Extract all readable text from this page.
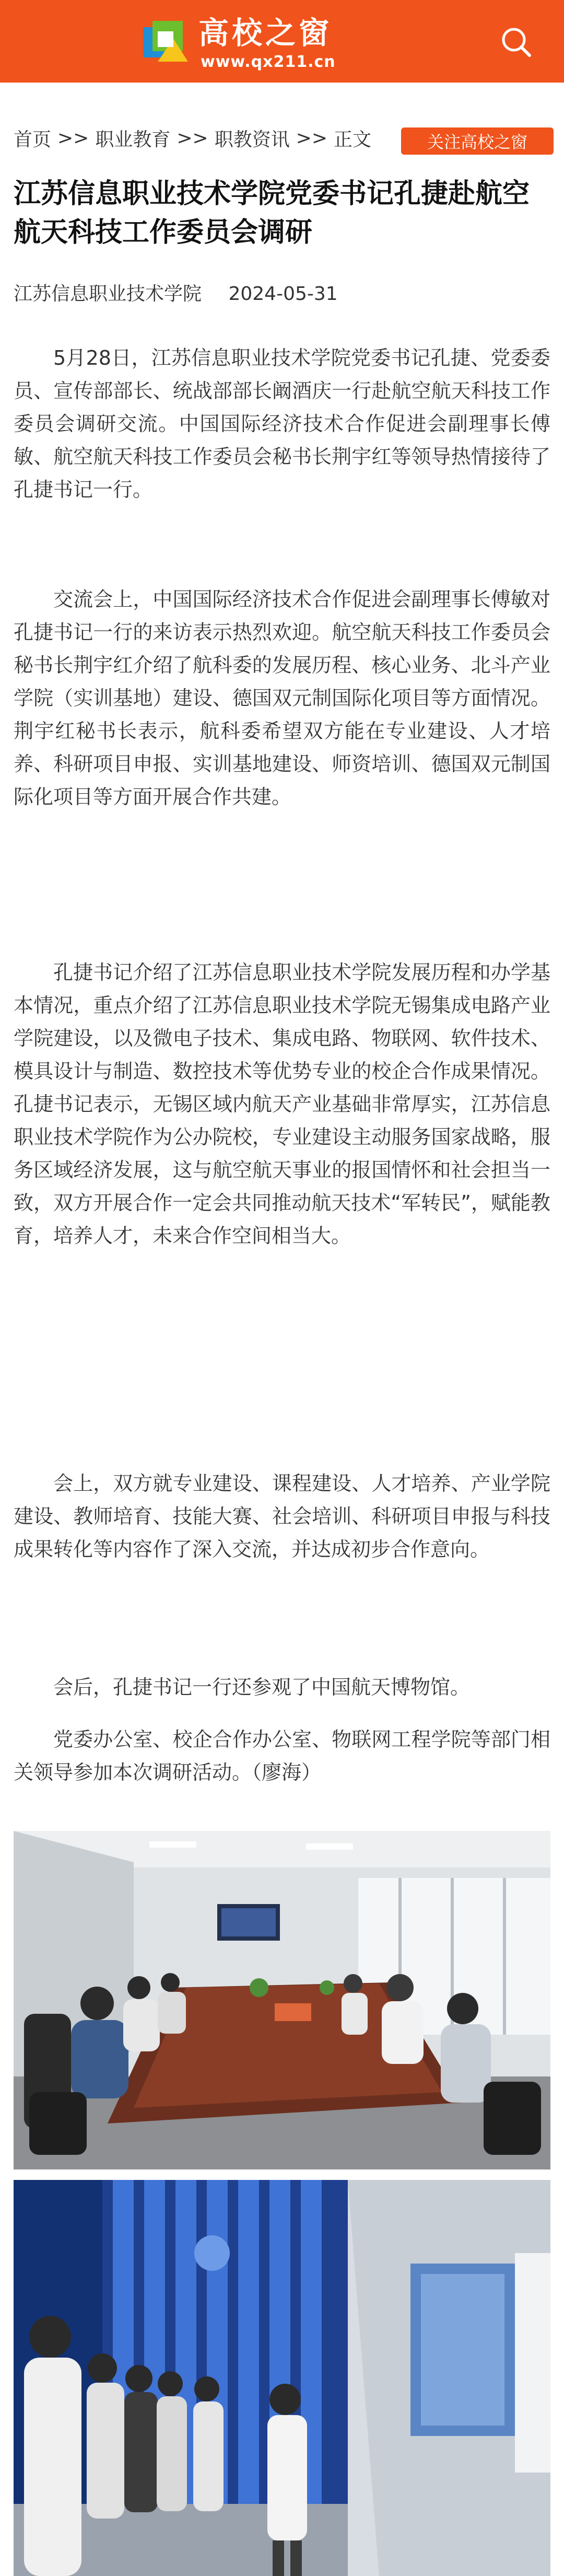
高校之窗
www.qx211.cn
首页 >> 职业教育 >> 职教资讯 >> 正文	关注高校之窗
江苏信息职业技术学院党委书记孔捷赴航空航天科技工作委员会调研
江苏信息职业技术学院 2024-05-31

5月28日，江苏信息职业技术学院党委书记孔捷、党委委员、宣传部部长、统战部部长阚酒庆一行赴航空航天科技工作委员会调研交流。中国国际经济技术合作促进会副理事长傅敏、航空航天科技工作委员会秘书长荆宇红等领导热情接待了孔捷书记一行。

交流会上，中国国际经济技术合作促进会副理事长傅敏对孔捷书记一行的来访表示热烈欢迎。航空航天科技工作委员会秘书长荆宇红介绍了航科委的发展历程、核心业务、北斗产业学院（实训基地）建设、德国双元制国际化项目等方面情况。荆宇红秘书长表示，航科委希望双方能在专业建设、人才培养、科研项目申报、实训基地建设、师资培训、德国双元制国际化项目等方面开展合作共建。

孔捷书记介绍了江苏信息职业技术学院发展历程和办学基本情况，重点介绍了江苏信息职业技术学院无锡集成电路产业学院建设，以及微电子技术、集成电路、物联网、软件技术、模具设计与制造、数控技术等优势专业的校企合作成果情况。孔捷书记表示，无锡区域内航天产业基础非常厚实，江苏信息职业技术学院作为公办院校，专业建设主动服务国家战略，服务区域经济发展，这与航空航天事业的报国情怀和社会担当一致，双方开展合作一定会共同推动航天技术“军转民”，赋能教育，培养人才，未来合作空间相当大。

会上，双方就专业建设、课程建设、人才培养、产业学院建设、教师培育、技能大赛、社会培训、科研项目申报与科技成果转化等内容作了深入交流，并达成初步合作意向。

会后，孔捷书记一行还参观了中国航天博物馆。

党委办公室、校企合作办公室、物联网工程学院等部门相关领导参加本次调研活动。（廖海）
